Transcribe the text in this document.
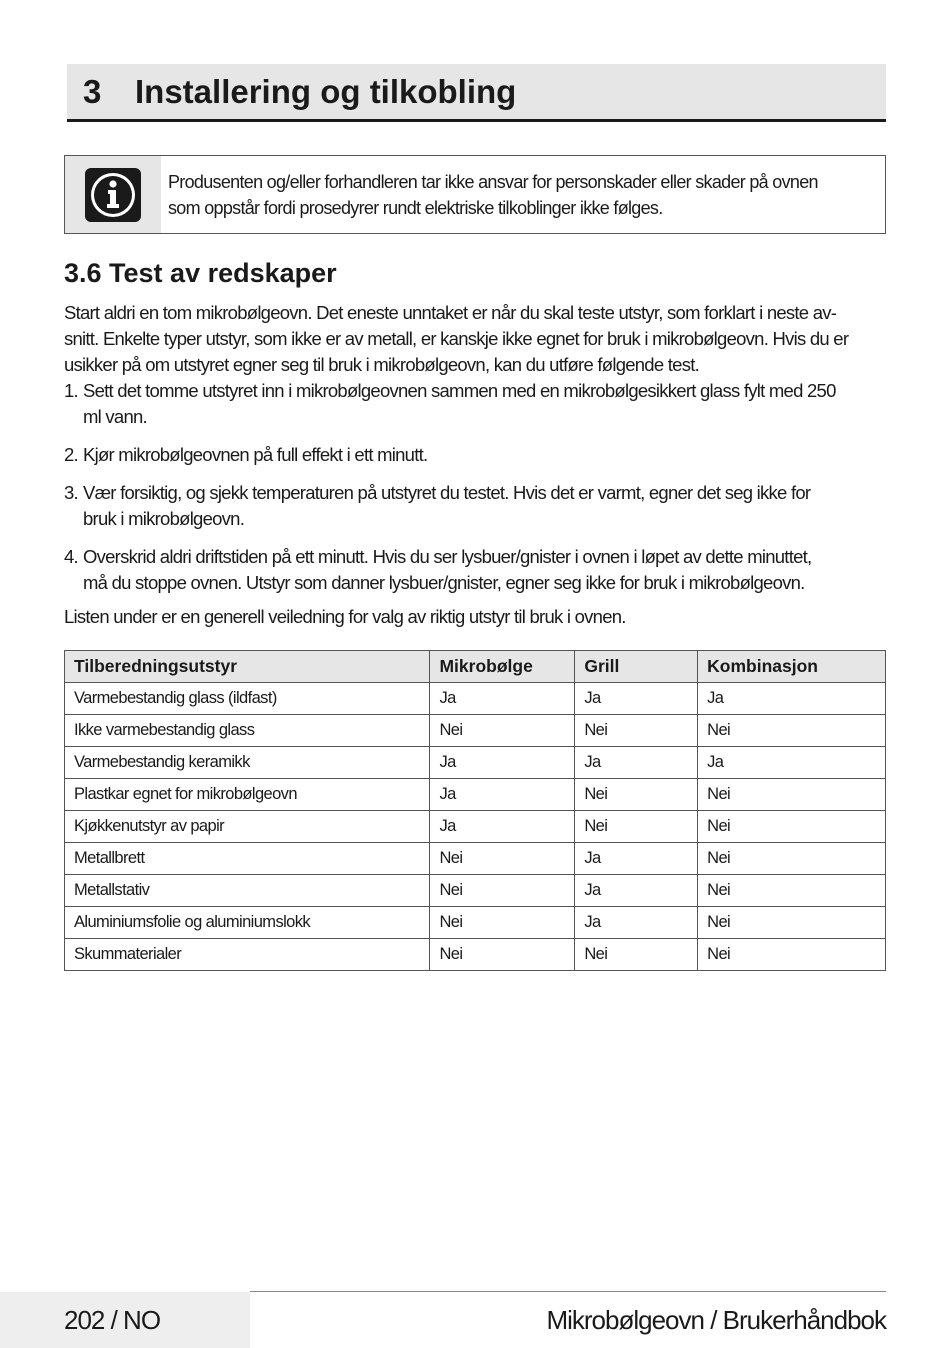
3	Installering og tilkobling
Produsenten og/eller forhandleren tar ikke ansvar for personskader eller skader på ovnen
som oppstår fordi prosedyrer rundt elektriske tilkoblinger ikke følges.
3.6 Test av redskaper
Start aldri en tom mikrobølgeovn. Det eneste unntaket er når du skal teste utstyr, som forklart i neste av-
snitt. Enkelte typer utstyr, som ikke er av metall, er kanskje ikke egnet for bruk i mikrobølgeovn. Hvis du er
usikker på om utstyret egner seg til bruk i mikrobølgeovn, kan du utføre følgende test.
1. Sett det tomme utstyret inn i mikrobølgeovnen sammen med en mikrobølgesikkert glass fylt med 250
ml vann.
2. Kjør mikrobølgeovnen på full effekt i ett minutt.
3. Vær forsiktig, og sjekk temperaturen på utstyret du testet. Hvis det er varmt, egner det seg ikke for
bruk i mikrobølgeovn.
4. Overskrid aldri driftstiden på ett minutt. Hvis du ser lysbuer/gnister i ovnen i løpet av dette minuttet,
må du stoppe ovnen. Utstyr som danner lysbuer/gnister, egner seg ikke for bruk i mikrobølgeovn.

Listen under er en generell veiledning for valg av riktig utstyr til bruk i ovnen.

Tilberedningsutstyr	Mikrobølge	Grill	Kombinasjon
Varmebestandig glass (ildfast)	Ja	Ja	Ja
Ikke varmebestandig glass	Nei	Nei	Nei
Varmebestandig keramikk	Ja	Ja	Ja
Plastkar egnet for mikrobølgeovn	Ja	Nei	Nei
Kjøkkenutstyr av papir	Ja	Nei	Nei
Metallbrett	Nei	Ja	Nei
Metallstativ	Nei	Ja	Nei
Aluminiumsfolie og aluminiumslokk	Nei	Ja	Nei
Skummaterialer	Nei	Nei	Nei
202 / NO	Mikrobølgeovn / Brukerhåndbok
